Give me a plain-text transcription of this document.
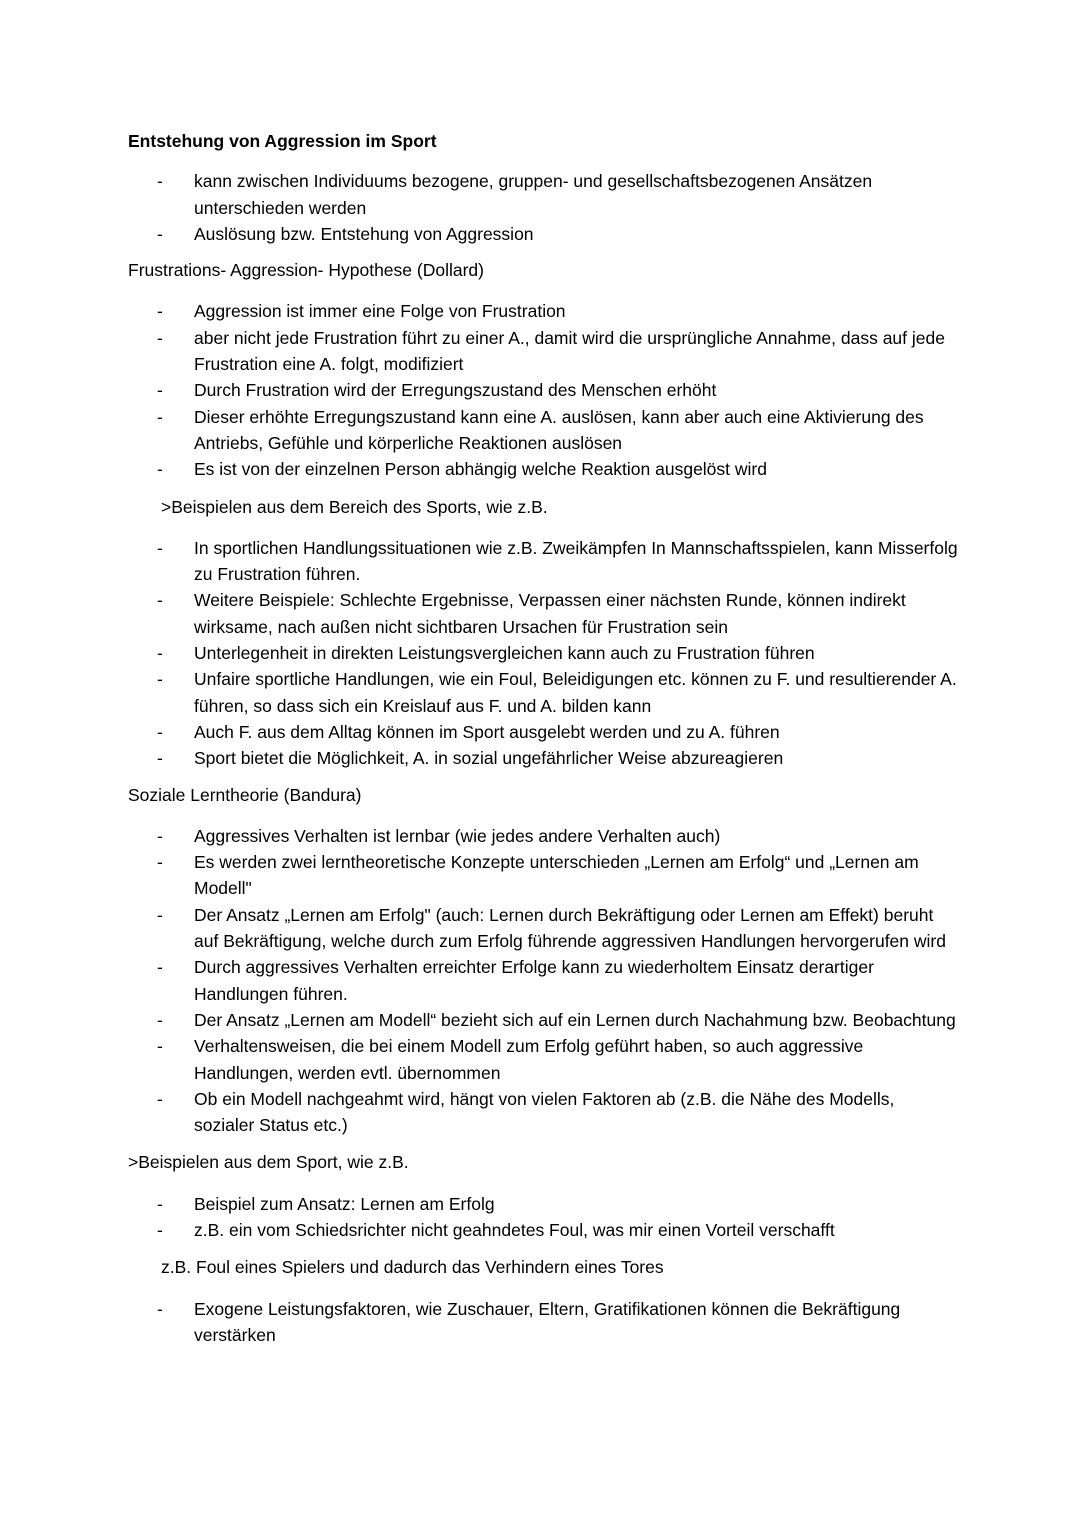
Entstehung von Aggression im Sport
- kann zwischen Individuums bezogene, gruppen- und gesellschaftsbezogenen Ansätzen unterschieden werden
- Auslösung bzw. Entstehung von Aggression
Frustrations- Aggression- Hypothese (Dollard)
- Aggression ist immer eine Folge von Frustration
- aber nicht jede Frustration führt zu einer A., damit wird die ursprüngliche Annahme, dass auf jede Frustration eine A. folgt, modifiziert
- Durch Frustration wird der Erregungszustand des Menschen erhöht
- Dieser erhöhte Erregungszustand kann eine A. auslösen, kann aber auch eine Aktivierung des Antriebs, Gefühle und körperliche Reaktionen auslösen
- Es ist von der einzelnen Person abhängig welche Reaktion ausgelöst wird
>Beispielen aus dem Bereich des Sports, wie z.B.
- In sportlichen Handlungssituationen wie z.B. Zweikämpfen In Mannschaftsspielen, kann Misserfolg zu Frustration führen.
- Weitere Beispiele: Schlechte Ergebnisse, Verpassen einer nächsten Runde, können indirekt wirksame, nach außen nicht sichtbaren Ursachen für Frustration sein
- Unterlegenheit in direkten Leistungsvergleichen kann auch zu Frustration führen
- Unfaire sportliche Handlungen, wie ein Foul, Beleidigungen etc. können zu F. und resultierender A. führen, so dass sich ein Kreislauf aus F. und A. bilden kann
- Auch F. aus dem Alltag können im Sport ausgelebt werden und zu A. führen
- Sport bietet die Möglichkeit, A. in sozial ungefährlicher Weise abzureagieren
Soziale Lerntheorie (Bandura)
- Aggressives Verhalten ist lernbar (wie jedes andere Verhalten auch)
- Es werden zwei lerntheoretische Konzepte unterschieden „Lernen am Erfolg“ und „Lernen am Modell"
- Der Ansatz „Lernen am Erfolg" (auch: Lernen durch Bekräftigung oder Lernen am Effekt) beruht auf Bekräftigung, welche durch zum Erfolg führende aggressiven Handlungen hervorgerufen wird
- Durch aggressives Verhalten erreichter Erfolge kann zu wiederholtem Einsatz derartiger Handlungen führen.
- Der Ansatz „Lernen am Modell“ bezieht sich auf ein Lernen durch Nachahmung bzw. Beobachtung
- Verhaltensweisen, die bei einem Modell zum Erfolg geführt haben, so auch aggressive Handlungen, werden evtl. übernommen
- Ob ein Modell nachgeahmt wird, hängt von vielen Faktoren ab (z.B. die Nähe des Modells, sozialer Status etc.)
>Beispielen aus dem Sport, wie z.B.
- Beispiel zum Ansatz: Lernen am Erfolg
- z.B. ein vom Schiedsrichter nicht geahndetes Foul, was mir einen Vorteil verschafft
z.B. Foul eines Spielers und dadurch das Verhindern eines Tores
- Exogene Leistungsfaktoren, wie Zuschauer, Eltern, Gratifikationen können die Bekräftigung verstärken
